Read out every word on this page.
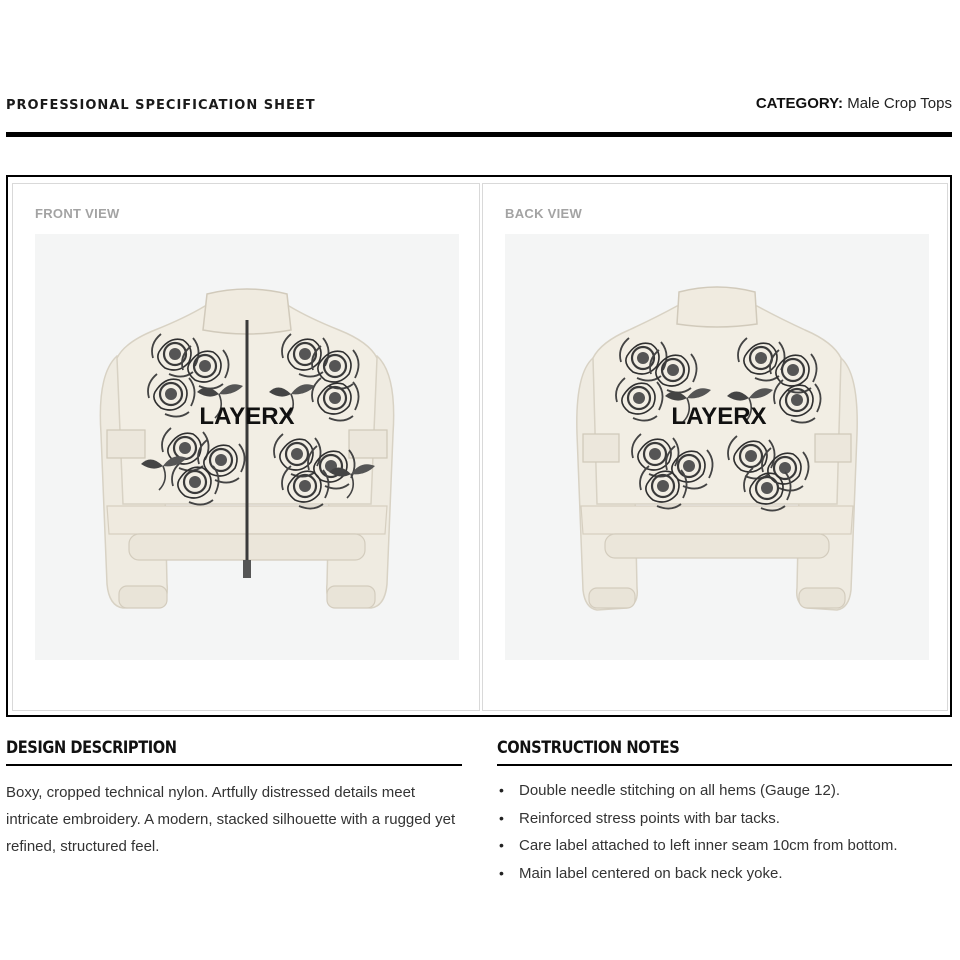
PROFESSIONAL SPECIFICATION SHEET	CATEGORY: Male Crop Tops
FRONT VIEW
LAYERX
BACK VIEW
LAYERX
DESIGN DESCRIPTION
Boxy, cropped technical nylon. Artfully distressed details meet intricate embroidery. A modern, stacked silhouette with a rugged yet refined, structured feel.
CONSTRUCTION NOTES
• Double needle stitching on all hems (Gauge 12).
• Reinforced stress points with bar tacks.
• Care label attached to left inner seam 10cm from bottom.
• Main label centered on back neck yoke.
